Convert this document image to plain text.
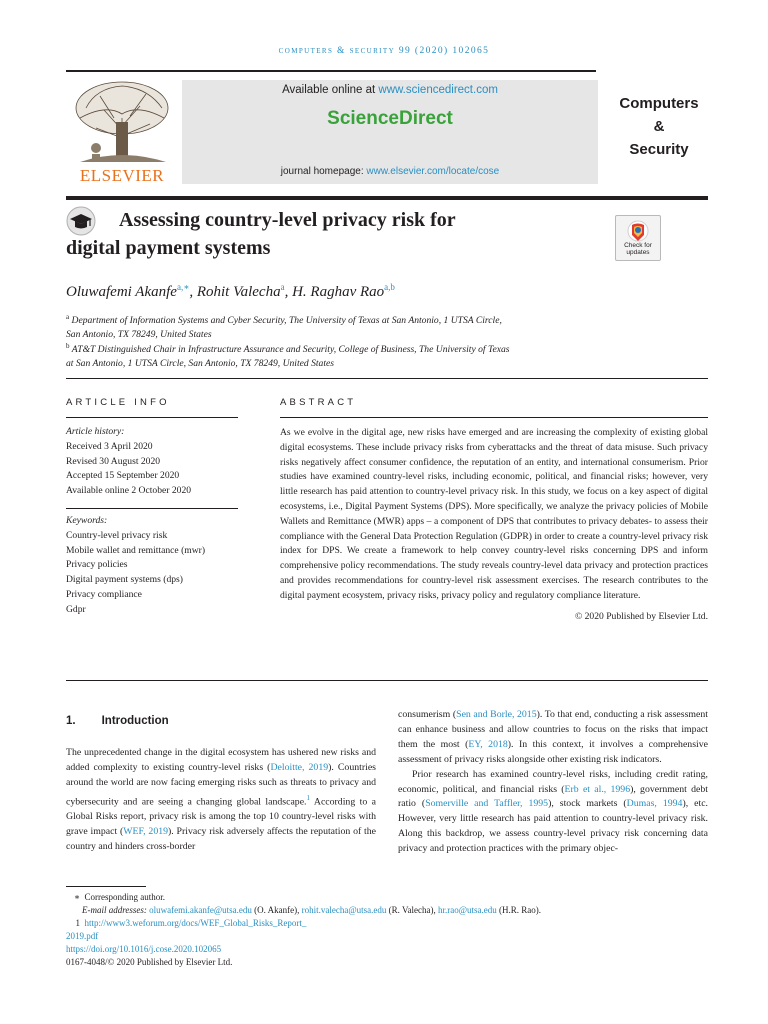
computers & security 99 (2020) 102065
ELSEVIER
Available online at www.sciencedirect.com
ScienceDirect
journal homepage: www.elsevier.com/locate/cose
Computers
&
Security
Assessing country-level privacy risk for
digital payment systems	Check for
updates
Oluwafemi Akanfe$^{a,∗}$, Rohit Valecha$^a$, H. Raghav Rao$^{a,b}$
$^a$ Department of Information Systems and Cyber Security, The University of Texas at San Antonio, 1 UTSA Circle,
San Antonio, TX 78249, United States
$^b$ AT&T Distinguished Chair in Infrastructure Assurance and Security, College of Business, The University of Texas
at San Antonio, 1 UTSA Circle, San Antonio, TX 78249, United States
ARTICLE INFO
Article history:
Received 3 April 2020
Revised 30 August 2020
Accepted 15 September 2020
Available online 2 October 2020
Keywords:
Country-level privacy risk
Mobile wallet and remittance (mwr)
Privacy policies
Digital payment systems (dps)
Privacy compliance
Gdpr
ABSTRACT

As we evolve in the digital age, new risks have emerged and are increasing the complexity of existing global digital ecosystems. These include privacy risks from cyberattacks and the threat of data misuse. Such privacy risks negatively affect consumer confidence, the reputation of an entity, and international consumerism. Prior studies have examined country-level risks, including economic, political, and financial risks; however, very little research has paid attention to country-level privacy risk. In this study, we focus on a key aspect of digital ecosystems, i.e., Digital Payment Systems (DPS). More specifically, we analyze the privacy policies of Mobile Wallets and Remittance (MWR) apps – a component of DPS that contributes to privacy debates- to assess their compliance with the General Data Protection Regulation (GDPR) in order to create a country-level privacy risk index for DPS. We create a framework to help convey country-level risks concerning DPS and inform comprehensive policy recommendations. The study reveals country-level data privacy and protection practices and provides recommendations for country-level risk assessment exercises. The research contributes to the digital payment ecosystem, privacy risks, privacy policy and regulatory compliance literature.

© 2020 Published by Elsevier Ltd.

1. Introduction

The unprecedented change in the digital ecosystem has ushered new risks and added complexity to existing country-level risks (Deloitte, 2019). Countries around the world are now facing emerging risks such as threats to privacy and cybersecurity and are seeing a changing global landscape.$^1$ According to a Global Risks report, privacy risk is among the top 10 country-level risks with grave impact (WEF, 2019). Privacy risk adversely affects the reputation of the country and hinders cross-border

consumerism (Sen and Borle, 2015). To that end, conducting a risk assessment can enhance business and allow countries to focus on the risks that impact them the most (EY, 2018). In this context, it involves a comprehensive assessment of privacy risks alongside other existing risk indicators.

Prior research has examined country-level risks, including credit rating, economic, political, and financial risks (Erb et al., 1996), government debt ratio (Somerville and Taffler, 1995), stock markets (Dumas, 1994), etc. However, very little research has paid attention to country-level privacy risk. Along this backdrop, we assess country-level privacy risk concerning data privacy and protection practices with the primary objec-

∗ Corresponding author.
E-mail addresses: oluwafemi.akanfe@utsa.edu (O. Akanfe), rohit.valecha@utsa.edu (R. Valecha), hr.rao@utsa.edu (H.R. Rao).
1 http://www3.weforum.org/docs/WEF_Global_Risks_Report_
2019.pdf
https://doi.org/10.1016/j.cose.2020.102065
0167-4048/© 2020 Published by Elsevier Ltd.
